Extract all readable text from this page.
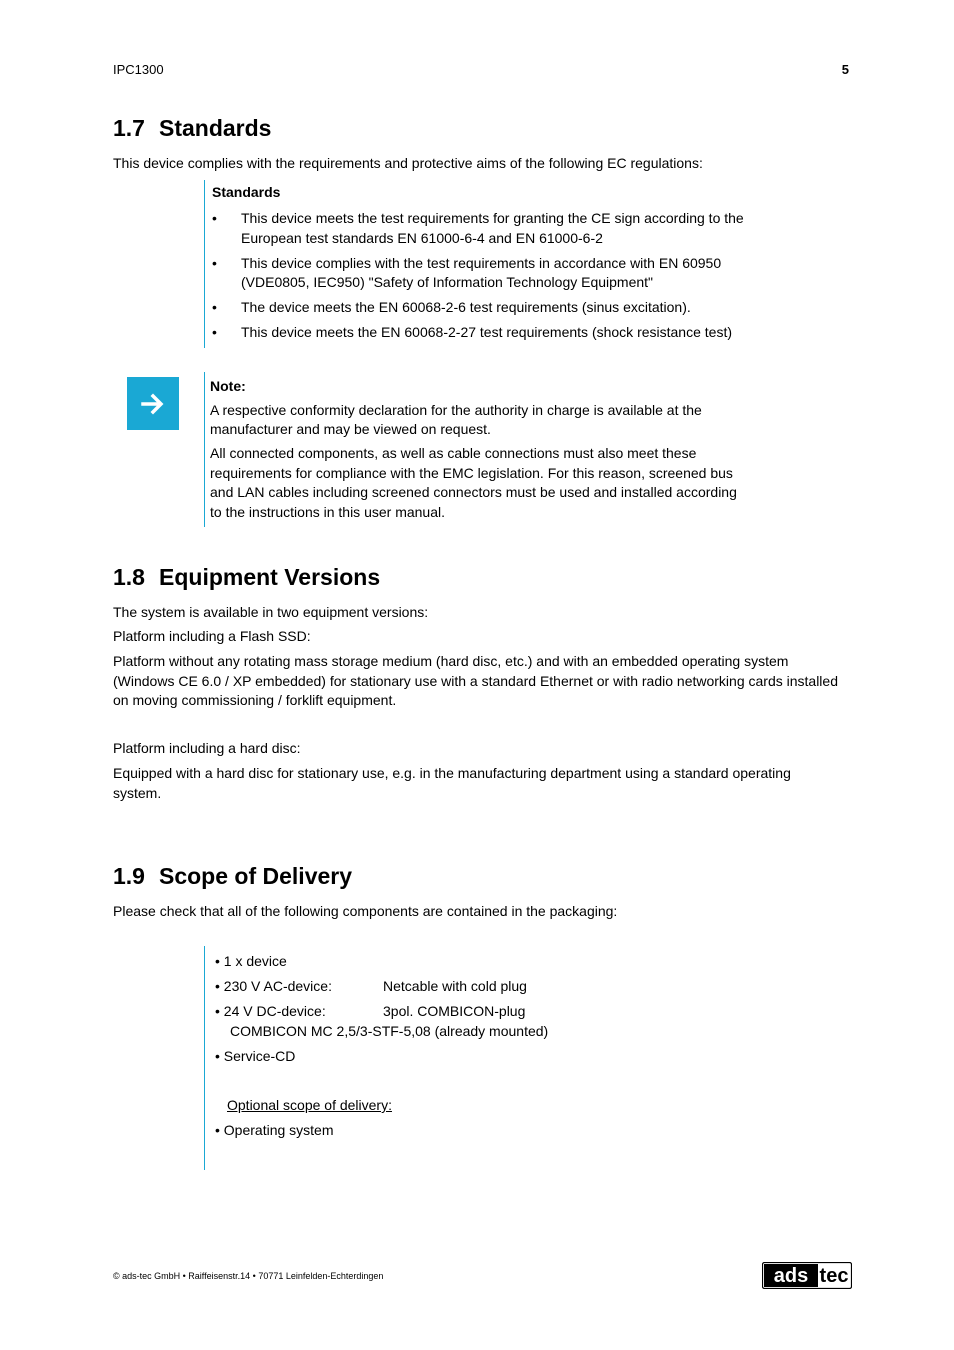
IPC1300	5
1.7 Standards

This device complies with the requirements and protective aims of the following EC regulations:

Standards
• This device meets the test requirements for granting the CE sign according to the European test standards EN 61000-6-4 and EN 61000-6-2
• This device complies with the test requirements in accordance with EN 60950 (VDE0805, IEC950) "Safety of Information Technology Equipment"
• The device meets the EN 60068-2-6 test requirements (sinus excitation).
• This device meets the EN 60068-2-27 test requirements (shock resistance test)
Note:

A respective conformity declaration for the authority in charge is available at the manufacturer and may be viewed on request.

All connected components, as well as cable connections must also meet these requirements for compliance with the EMC legislation. For this reason, screened bus and LAN cables including screened connectors must be used and installed according to the instructions in this user manual.

1.8 Equipment Versions

The system is available in two equipment versions:

Platform including a Flash SSD:

Platform without any rotating mass storage medium (hard disc, etc.) and with an embedded operating system (Windows CE 6.0 / XP embedded) for stationary use with a standard Ethernet or with radio networking cards installed on moving commissioning / forklift equipment.

Platform including a hard disc:

Equipped with a hard disc for stationary use, e.g. in the manufacturing department using a standard operating system.

1.9 Scope of Delivery

Please check that all of the following components are contained in the packaging:

• 1 x device
• 230 V AC-device:	Netcable with cold plug
• 24 V DC-device:	3pol. COMBICON-plug
COMBICON MC 2,5/3-STF-5,08 (already mounted)
• Service-CD
Optional scope of delivery:
• Operating system
© ads-tec GmbH • Raiffeisenstr.14 • 70771 Leinfelden-Echterdingen	ads tec
